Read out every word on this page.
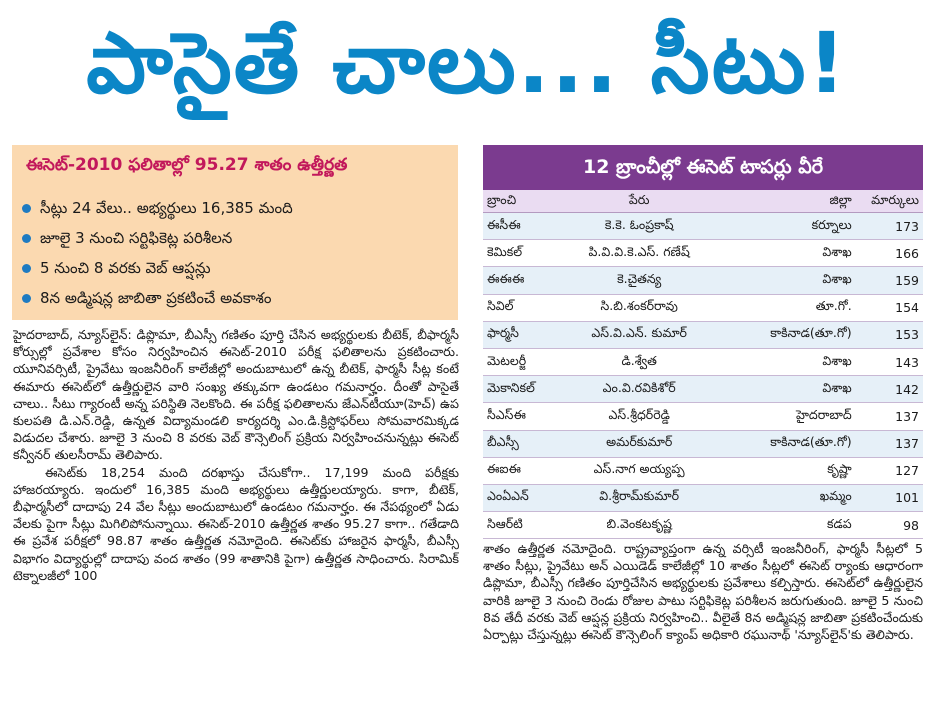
పాసైతే చాలు... సీటు!
ఈసెట్-2010 ఫలితాల్లో 95.27 శాతం ఉత్తీర్ణత
సీట్లు 24 వేలు.. అభ్యర్థులు 16,385 మంది
జూలై 3 నుంచి సర్టిఫికెట్ల పరిశీలన
5 నుంచి 8 వరకు వెబ్ ఆప్షన్లు
8న అడ్మిషన్ల జాబితా ప్రకటించే అవకాశం
12 బ్రాంచీల్లో ఈసెట్ టాపర్లు వీరే
బ్రాంచి	పేరు	జిల్లా	మార్కులు
ఈసీఈ	కె.కె. ఓంప్రకాష్	కర్నూలు	173
కెమికల్	పి.వి.వి.కె.ఎస్. గణేష్	విశాఖ	166
ఈఈఈ	కె.చైతన్య	విశాఖ	159
సివిల్	సి.బి.శంకర్‌రావు	తూ.గో.	154
ఫార్మసీ	ఎస్.వి.ఎన్. కుమార్	కాకినాడ(తూ.గో)	153
మెటలర్జీ	డి.శ్వేత	విశాఖ	143
మెకానికల్	ఎం.వి.రవికిశోర్	విశాఖ	142
సీఎస్ఈ	ఎస్.శ్రీధర్‌రెడ్డి	హైదరాబాద్	137
బీఎస్సీ	అమర్‌కుమార్	కాకినాడ(తూ.గో)	137
ఈఐఈ	ఎస్.నాగ అయ్యప్ప	కృష్ణా	127
ఎంఏఎన్	వి.శ్రీరామ్‌కుమార్	ఖమ్మం	101
సిఆర్‌టి	బి.వెంకటకృష్ణ	కడప	98

హైదరాబాద్, న్యూస్‌లైన్: డిప్లొమా, బీఎస్సీ గణితం పూర్తి చేసిన అభ్యర్థులకు బీటెక్, బీఫార్మసీ కోర్సుల్లో ప్రవేశాల కోసం నిర్వహించిన ఈసెట్-2010 పరీక్ష ఫలితాలను ప్రకటించారు. యూనివర్సిటీ, ప్రైవేటు ఇంజనీరింగ్ కాలేజీల్లో అందుబాటులో ఉన్న బీటెక్, ఫార్మసీ సీట్ల కంటే ఈమారు ఈసెట్‌లో ఉత్తీర్ణులైన వారి సంఖ్య తక్కువగా ఉండటం గమనార్హం. దీంతో పాసైతే చాలు.. సీటు గ్యారంటీ అన్న పరిస్థితి నెలకొంది. ఈ పరీక్ష ఫలితాలను జేఎన్‌టీయూ(హెచ్) ఉప కులపతి డి.ఎన్.రెడ్డి, ఉన్నత విద్యామండలి కార్యదర్శి ఎం.డి.క్రిస్టోఫర్‌లు సోమవారమిక్కడ విడుదల చేశారు. జూలై 3 నుంచి 8 వరకు వెబ్ కౌన్సెలింగ్ ప్రక్రియ నిర్వహించనున్నట్లు ఈసెట్ కన్వీనర్ తులసీరామ్ తెలిపారు.

ఈసెట్‌కు 18,254 మంది దరఖాస్తు చేసుకోగా.. 17,199 మంది పరీక్షకు హాజరయ్యారు. ఇందులో 16,385 మంది అభ్యర్థులు ఉత్తీర్ణులయ్యారు. కాగా, బీటెక్, బీఫార్మసీలో దాదాపు 24 వేల సీట్లు అందుబాటులో ఉండటం గమనార్హం. ఈ నేపథ్యంలో ఏడు వేలకు పైగా సీట్లు మిగిలిపోనున్నాయి. ఈసెట్-2010 ఉత్తీర్ణత శాతం 95.27 కాగా.. గతేడాది ఈ ప్రవేశ పరీక్షలో 98.87 శాతం ఉత్తీర్ణత నమోదైంది. ఈసెట్‌కు హాజరైన ఫార్మసీ, బీఎస్సీ విభాగం విద్యార్థుల్లో దాదాపు వంద శాతం (99 శాతానికి పైగా) ఉత్తీర్ణత సాధించారు. సిరామిక్ టెక్నాలజీలో 100

శాతం ఉత్తీర్ణత నమోదైంది. రాష్ట్రవ్యాప్తంగా ఉన్న వర్సిటీ ఇంజనీరింగ్, ఫార్మసీ సీట్లలో 5 శాతం సీట్లు, ప్రైవేటు అన్ ఎయిడెడ్ కాలేజీల్లో 10 శాతం సీట్లలో ఈసెట్ ర్యాంకు ఆధారంగా డిప్లొమా, బీఎస్సీ గణితం పూర్తిచేసిన అభ్యర్థులకు ప్రవేశాలు కల్పిస్తారు. ఈసెట్‌లో ఉత్తీర్ణులైన వారికి జూలై 3 నుంచి రెండు రోజుల పాటు సర్టిఫికెట్ల పరిశీలన జరుగుతుంది. జూలై 5 నుంచి 8వ తేదీ వరకు వెబ్ ఆప్షన్ల ప్రక్రియ నిర్వహించి.. వీలైతే 8న అడ్మిషన్ల జాబితా ప్రకటించేందుకు ఏర్పాట్లు చేస్తున్నట్లు ఈసెట్ కౌన్సెలింగ్ క్యాంప్ అధికారి రఘునాథ్ 'న్యూస్‌లైన్'కు తెలిపారు.
